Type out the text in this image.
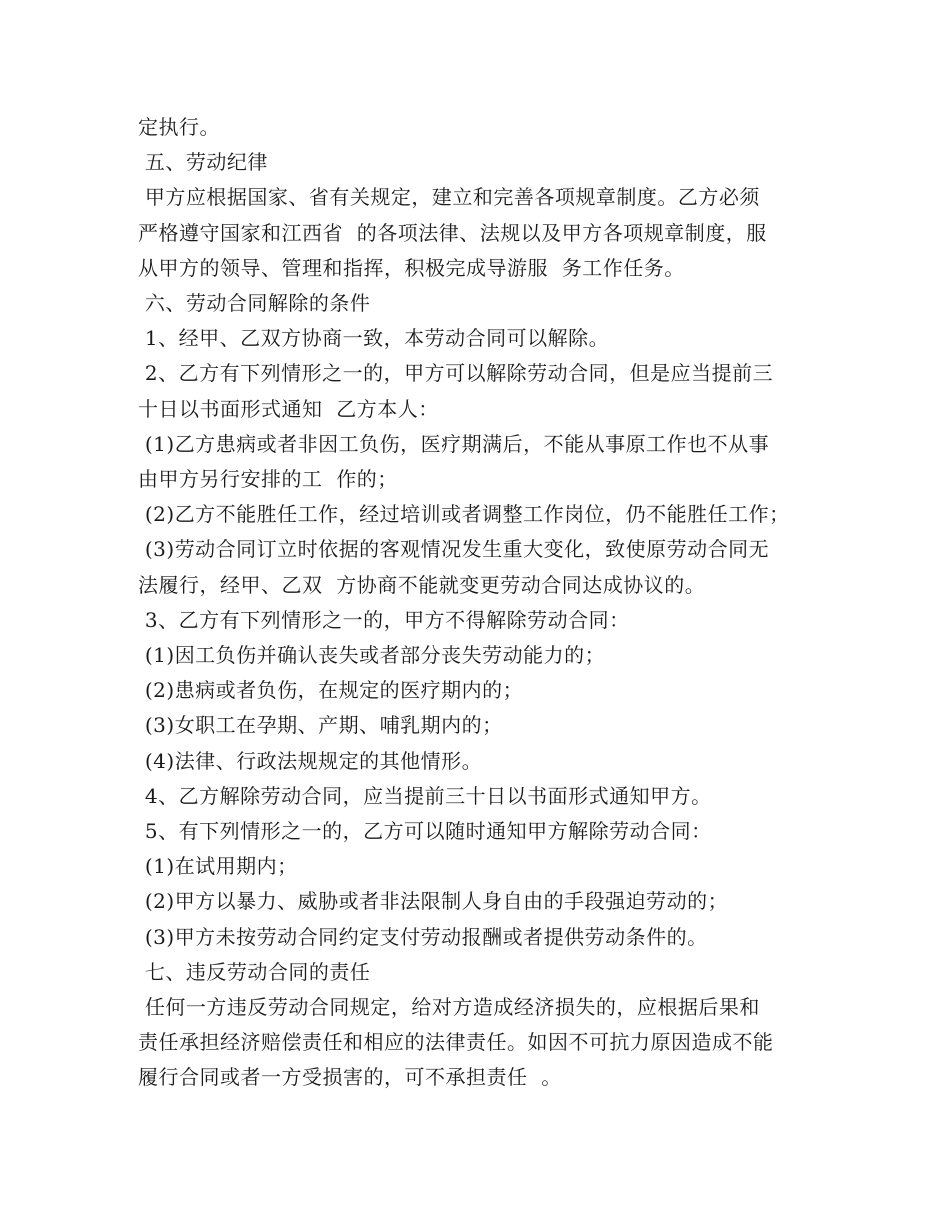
定执行。
五、劳动纪律
甲方应根据国家、省有关规定，建立和完善各项规章制度。乙方必须
严格遵守国家和江西省  的各项法律、法规以及甲方各项规章制度，服
从甲方的领导、管理和指挥，积极完成导游服  务工作任务。
六、劳动合同解除的条件
1、经甲、乙双方协商一致，本劳动合同可以解除。
2、乙方有下列情形之一的，甲方可以解除劳动合同，但是应当提前三
十日以书面形式通知  乙方本人：
(1)乙方患病或者非因工负伤，医疗期满后，不能从事原工作也不从事
由甲方另行安排的工  作的；
(2)乙方不能胜任工作，经过培训或者调整工作岗位，仍不能胜任工作；
(3)劳动合同订立时依据的客观情况发生重大变化，致使原劳动合同无
法履行，经甲、乙双  方协商不能就变更劳动合同达成协议的。
3、乙方有下列情形之一的，甲方不得解除劳动合同：
(1)因工负伤并确认丧失或者部分丧失劳动能力的；
(2)患病或者负伤，在规定的医疗期内的；
(3)女职工在孕期、产期、哺乳期内的；
(4)法律、行政法规规定的其他情形。
4、乙方解除劳动合同，应当提前三十日以书面形式通知甲方。
5、有下列情形之一的，乙方可以随时通知甲方解除劳动合同：
(1)在试用期内；
(2)甲方以暴力、威胁或者非法限制人身自由的手段强迫劳动的；
(3)甲方未按劳动合同约定支付劳动报酬或者提供劳动条件的。
七、违反劳动合同的责任
任何一方违反劳动合同规定，给对方造成经济损失的，应根据后果和
责任承担经济赔偿责任和相应的法律责任。如因不可抗力原因造成不能
履行合同或者一方受损害的，可不承担责任  。
